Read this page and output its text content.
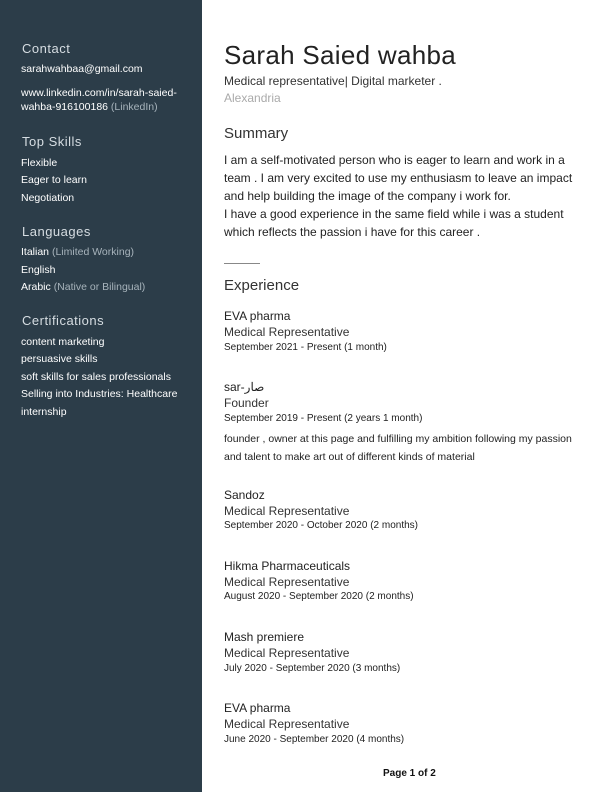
Contact
sarahwahbaa@gmail.com
www.linkedin.com/in/sarah-saied-
wahba-916100186 (LinkedIn)
Top Skills
Flexible
Eager to learn
Negotiation
Languages
Italian (Limited Working)
English
Arabic (Native or Bilingual)
Certifications
content marketing
persuasive skills
soft skills for sales professionals
Selling into Industries: Healthcare
internship
Sarah Saied wahba
Medical representative| Digital marketer .
Alexandria
Summary
I am a self-motivated person who is eager to learn and work in a team . I am very excited to use my enthusiasm to leave an impact and help building the image of the company i work for.
I have a good experience in the same field while i was a student which reflects the passion i have for this career .
Experience
EVA pharma
Medical Representative
September 2021 - Present (1 month)
sar-صار
Founder
September 2019 - Present (2 years 1 month)
founder , owner at this page and fulfilling my ambition following my passion
and talent to make art out of different kinds of material
Sandoz
Medical Representative
September 2020 - October 2020 (2 months)
Hikma Pharmaceuticals
Medical Representative
August 2020 - September 2020 (2 months)
Mash premiere
Medical Representative
July 2020 - September 2020 (3 months)
EVA pharma
Medical Representative
June 2020 - September 2020 (4 months)
Page 1 of 2
